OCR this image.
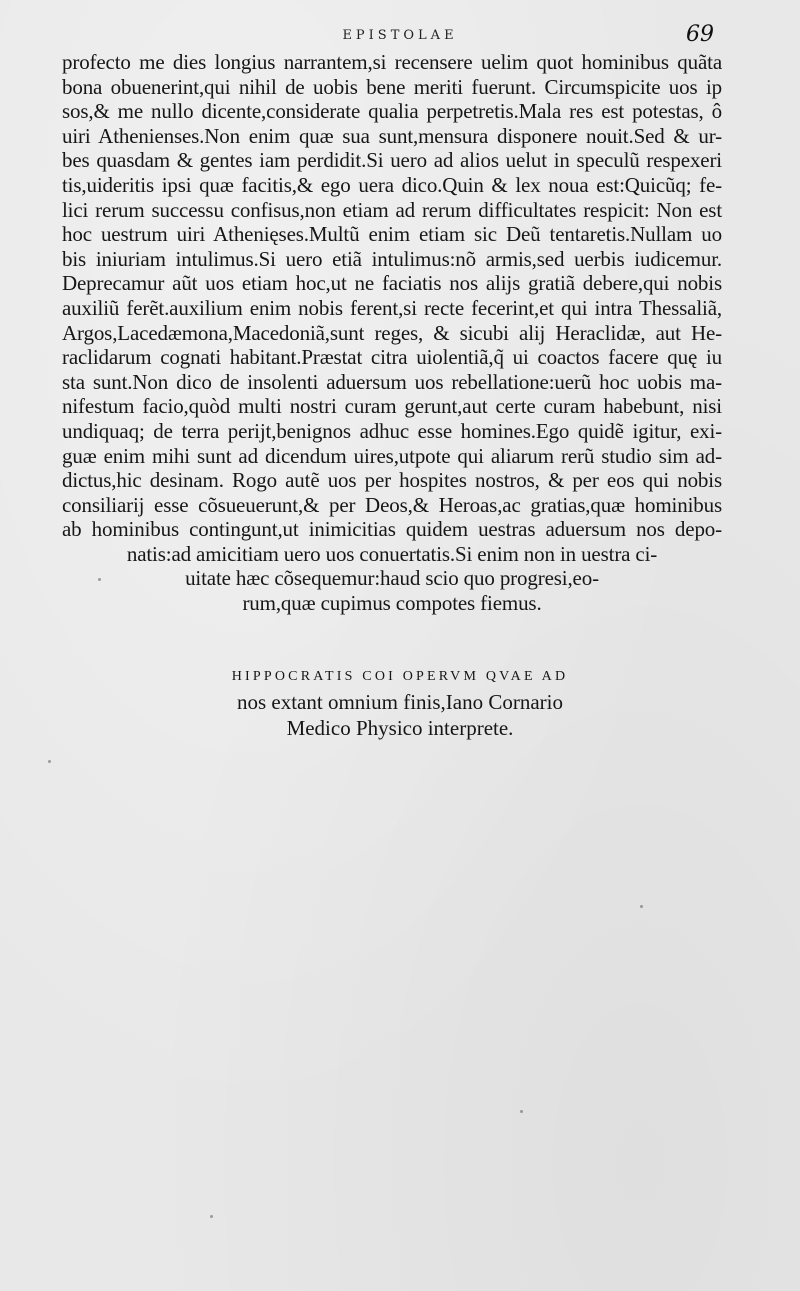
EPISTOLAE	69
profecto me dies longius narrantem,si recensere uelim quot hominibus quãta
bona obuenerint,qui nihil de uobis bene meriti fuerunt. Circumspicite uos ip
sos,& me nullo dicente,considerate qualia perpetretis.Mala res est potestas, ô
uiri Athenienses.Non enim quæ sua sunt,mensura disponere nouit.Sed & ur-
bes quasdam & gentes iam perdidit.Si uero ad alios uelut in speculũ respexeri
tis,uideritis ipsi quæ facitis,& ego uera dico.Quin & lex noua est:Quicũq; fe-
lici rerum successu confisus,non etiam ad rerum difficultates respicit: Non est
hoc uestrum uiri Athenięses.Multũ enim etiam sic Deũ tentaretis.Nullam uo
bis iniuriam intulimus.Si uero etiã intulimus:nõ armis,sed uerbis iudicemur.
Deprecamur aũt uos etiam hoc,ut ne faciatis nos alijs gratiã debere,qui nobis
auxiliũ ferẽt.auxilium enim nobis ferent,si recte fecerint,et qui intra Thessaliã,
Argos,Lacedæmona,Macedoniã,sunt reges, & sicubi alij Heraclidæ, aut He-
raclidarum cognati habitant.Præstat citra uiolentiã,q̃ ui coactos facere quę iu
sta sunt.Non dico de insolenti aduersum uos rebellatione:uerũ hoc uobis ma-
nifestum facio,quòd multi nostri curam gerunt,aut certe curam habebunt, nisi
undiquaq; de terra perijt,benignos adhuc esse homines.Ego quidẽ igitur, exi-
guæ enim mihi sunt ad dicendum uires,utpote qui aliarum rerũ studio sim ad-
dictus,hic desinam. Rogo autẽ uos per hospites nostros, & per eos qui nobis
consiliarij esse cõsueuerunt,& per Deos,& Heroas,ac gratias,quæ hominibus
ab hominibus contingunt,ut inimicitias quidem uestras aduersum nos depo-
natis:ad amicitiam uero uos conuertatis.Si enim non in uestra ci-
uitate hæc cõsequemur:haud scio quo progresi,eo-
rum,quæ cupimus compotes fiemus.
HIPPOCRATIS COI OPERVM QVAE AD
nos extant omnium finis,Iano Cornario
Medico Physico interprete.
